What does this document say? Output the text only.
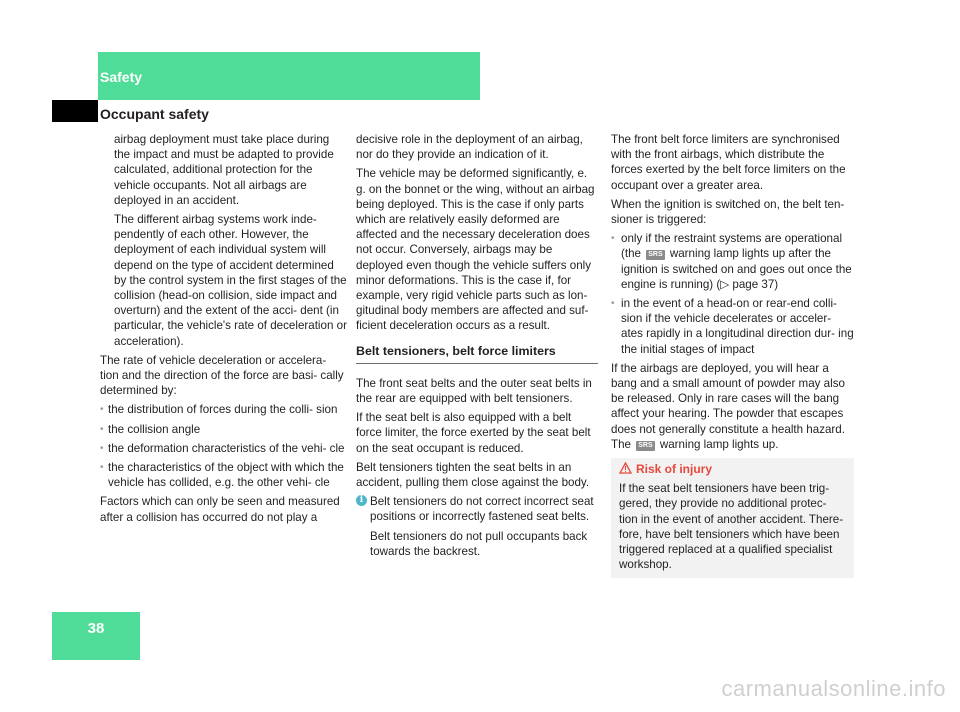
Safety
Occupant safety

airbag deployment must take place during the impact and must be adapted to provide calculated, additional protection for the vehicle occupants. Not all airbags are deployed in an accident.

The different airbag systems work inde- pendently of each other. However, the deployment of each individual system will depend on the type of accident determined by the control system in the first stages of the collision (head-on collision, side impact and overturn) and the extent of the acci- dent (in particular, the vehicle's rate of deceleration or acceleration).

The rate of vehicle deceleration or accelera- tion and the direction of the force are basi- cally determined by:

• the distribution of forces during the colli- sion
• the collision angle
• the deformation characteristics of the vehi- cle
• the characteristics of the object with which the vehicle has collided, e.g. the other vehi- cle

Factors which can only be seen and measured after a collision has occurred do not play a

decisive role in the deployment of an airbag, nor do they provide an indication of it.

The vehicle may be deformed significantly, e. g. on the bonnet or the wing, without an airbag being deployed. This is the case if only parts which are relatively easily deformed are affected and the necessary deceleration does not occur. Conversely, airbags may be deployed even though the vehicle suffers only minor deformations. This is the case if, for example, very rigid vehicle parts such as lon- gitudinal body members are affected and suf- ficient deceleration occurs as a result.

Belt tensioners, belt force limiters

The front seat belts and the outer seat belts in the rear are equipped with belt tensioners.

If the seat belt is also equipped with a belt force limiter, the force exerted by the seat belt on the seat occupant is reduced.

Belt tensioners tighten the seat belts in an accident, pulling them close against the body.

i Belt tensioners do not correct incorrect seat positions or incorrectly fastened seat belts.

Belt tensioners do not pull occupants back towards the backrest.

The front belt force limiters are synchronised with the front airbags, which distribute the forces exerted by the belt force limiters on the occupant over a greater area.

When the ignition is switched on, the belt ten- sioner is triggered:

• only if the restraint systems are operational (the SRS warning lamp lights up after the ignition is switched on and goes out once the engine is running) (▷ page 37)
• in the event of a head-on or rear-end colli- sion if the vehicle decelerates or acceler- ates rapidly in a longitudinal direction dur- ing the initial stages of impact

If the airbags are deployed, you will hear a bang and a small amount of powder may also be released. Only in rare cases will the bang affect your hearing. The powder that escapes does not generally constitute a health hazard.

The SRS warning lamp lights up.

Risk of injury
If the seat belt tensioners have been trig- gered, they provide no additional protec- tion in the event of another accident. There- fore, have belt tensioners which have been triggered replaced at a qualified specialist workshop.
38
carmanualsonline.info
